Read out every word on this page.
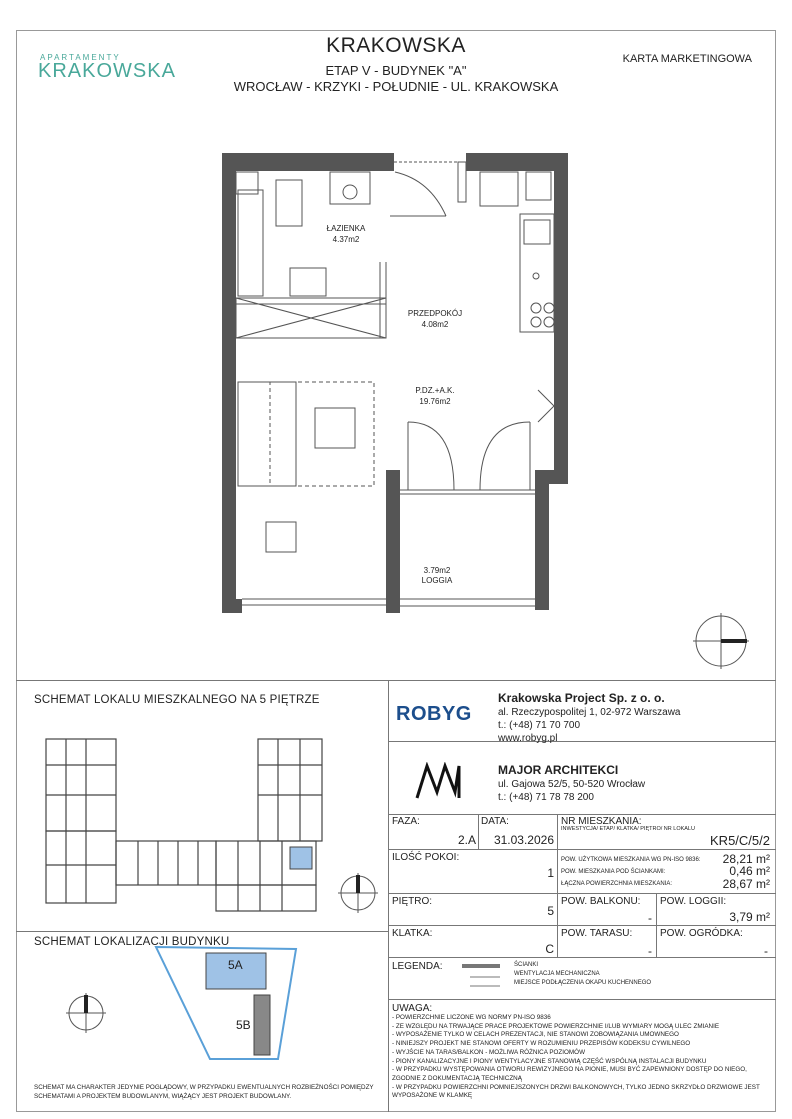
APARTAMENTY
KRAKOWSKA
KRAKOWSKA
ETAP V - BUDYNEK "A"
WROCŁAW - KRZYKI - POŁUDNIE - UL. KRAKOWSKA
KARTA MARKETINGOWA
ŁAZIENKA
4.37m2
PRZEDPOKÓJ
4.08m2
P.DZ.+A.K.
19.76m2
3.79m2
LOGGIA
SCHEMAT LOKALU MIESZKALNEGO NA 5 PIĘTRZE
SCHEMAT LOKALIZACJI BUDYNKU
5A
5B
SCHEMAT MA CHARAKTER JEDYNIE POGLĄDOWY, W PRZYPADKU EWENTUALNYCH ROZBIEŻNOŚCI POMIĘDZY SCHEMATAMI A PROJEKTEM BUDOWLANYM, WIĄŻĄCY JEST PROJEKT BUDOWLANY.
ROBYG
Krakowska Project Sp. z o. o.
al. Rzeczypospolitej 1, 02-972 Warszawa
t.: (+48) 71 70 700
www.robyg.pl
MAJOR ARCHITEKCI
ul. Gajowa 52/5, 50-520 Wrocław
t.: (+48) 71 78 78 200
FAZA:
2.A
DATA:
31.03.2026
NR MIESZKANIA:
INWESTYCJA/ ETAP/ KLATKA/ PIĘTRO/ NR LOKALU
KR5/C/5/2
ILOŚĆ POKOI:
1
POW. UŻYTKOWA MIESZKANIA WG PN-ISO 9836:	28,21 m²
POW. MIESZKANIA POD ŚCIANKAMI:	0,46 m²
ŁĄCZNA POWIERZCHNIA MIESZKANIA:	28,67 m²
PIĘTRO:
5
POW. BALKONU:
-
POW. LOGGII:
3,79 m²
KLATKA:
C
POW. TARASU:
-
POW. OGRÓDKA:
-
LEGENDA:	ŚCIANKI
WENTYLACJA MECHANICZNA
MIEJSCE PODŁĄCZENIA OKAPU KUCHENNEGO
UWAGA:
- POWIERZCHNIE LICZONE WG NORMY PN-ISO 9836
- ZE WZGLĘDU NA TRWAJĄCE PRACE PROJEKTOWE POWIERZCHNIE I/LUB WYMIARY MOGĄ ULEC ZMIANIE
- WYPOSAŻENIE TYLKO W CELACH PREZENTACJI, NIE STANOWI ZOBOWIĄZANIA UMOWNEGO
- NINIEJSZY PROJEKT NIE STANOWI OFERTY W ROZUMIENIU PRZEPISÓW KODEKSU CYWILNEGO
- WYJŚCIE NA TARAS/BALKON - MOŻLIWA RÓŻNICA POZIOMÓW
- PIONY KANALIZACYJNE I PIONY WENTYLACYJNE STANOWIĄ CZĘŚĆ WSPÓLNĄ INSTALACJI BUDYNKU
- W PRZYPADKU WYSTĘPOWANIA OTWORU REWIZYJNEGO NA PIONIE, MUSI BYĆ ZAPEWNIONY DOSTĘP DO NIEGO, ZGODNIE Z DOKUMENTACJĄ TECHNICZNĄ
- W PRZYPADKU POWIERZCHNI POMNIEJSZONYCH DRZWI BALKONOWYCH, TYLKO JEDNO SKRZYDŁO DRZWIOWE JEST WYPOSAŻONE W KLAMKĘ
